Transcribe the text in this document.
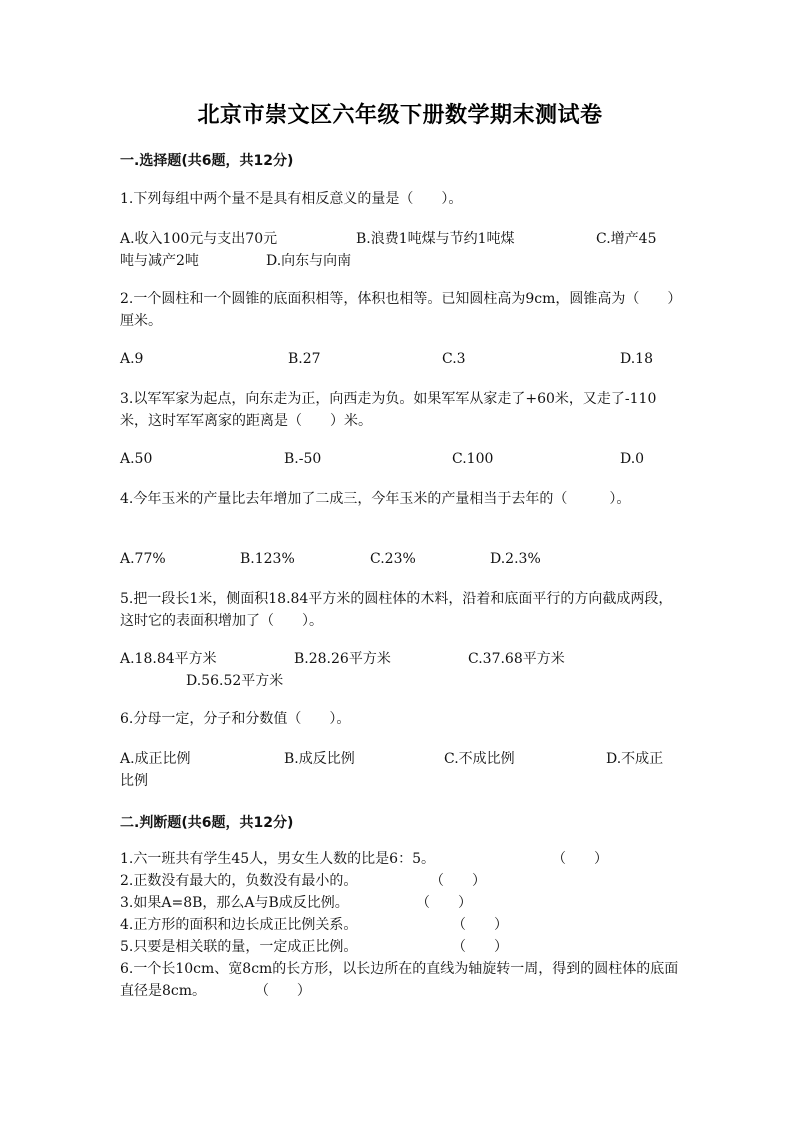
北京市崇文区六年级下册数学期末测试卷
一.选择题(共6题，共12分)
1.下列每组中两个量不是具有相反意义的量是（　　）。
A.收入100元与支出70元	B.浪费1吨煤与节约1吨煤	C.增产45
吨与减产2吨	D.向东与向南
2.一个圆柱和一个圆锥的底面积相等，体积也相等。已知圆柱高为9cm，圆锥高为（　　）厘米。
A.9	B.27	C.3	D.18
3.以军军家为起点，向东走为正，向西走为负。如果军军从家走了+60米，又走了-110米，这时军军离家的距离是（　　）米。
A.50	B.-50	C.100	D.0
4.今年玉米的产量比去年增加了二成三，今年玉米的产量相当于去年的（　　　）。
A.77%	B.123%	C.23%	D.2.3%
5.把一段长1米，侧面积18.84平方米的圆柱体的木料，沿着和底面平行的方向截成两段，这时它的表面积增加了（　　）。
A.18.84平方米	B.28.26平方米	C.37.68平方米
D.56.52平方米
6.分母一定，分子和分数值（　　）。
A.成正比例	B.成反比例	C.不成比例	D.不成正
比例
二.判断题(共6题，共12分)
1.六一班共有学生45人，男女生人数的比是6：5。	（　　）
2.正数没有最大的，负数没有最小的。	（　　）
3.如果A=8B，那么A与B成反比例。	（　　）
4.正方形的面积和边长成正比例关系。	（　　）
5.只要是相关联的量，一定成正比例。	（　　）
6.一个长10cm、宽8cm的长方形，以长边所在的直线为轴旋转一周，得到的圆柱体的底面直径是8cm。	（　　）
